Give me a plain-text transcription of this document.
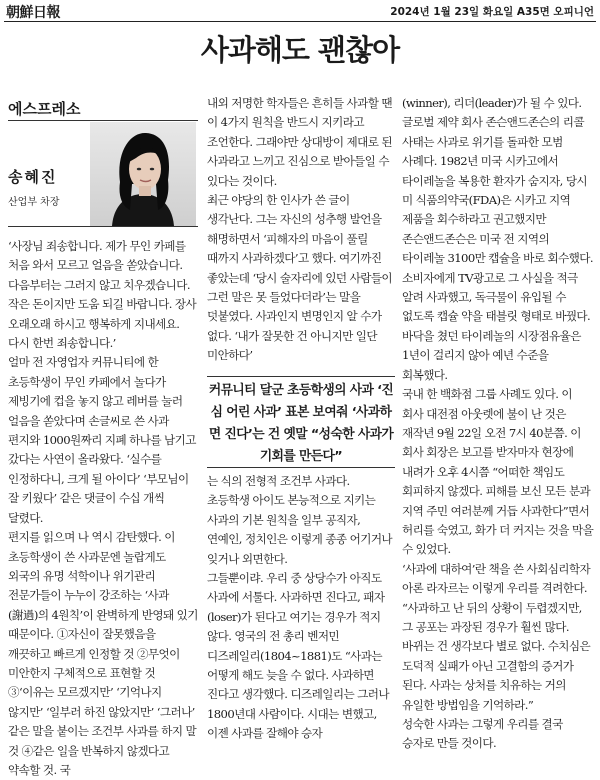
朝鮮日報	2024년 1월 23일 화요일 A35면 오피니언
사과해도 괜찮아
에스프레소
송혜진
산업부 차장

‘사장님 죄송합니다. 제가 무인 카페를 처음 와서 모르고 얼음을 쏟았습니다. 다음부터는 그러지 않고 치우겠습니다. 작은 돈이지만 도움 되길 바랍니다. 장사 오래오래 하시고 행복하게 지내세요. 다시 한번 죄송합니다.’

얼마 전 자영업자 커뮤니티에 한 초등학생이 무인 카페에서 놀다가 제빙기에 컵을 놓지 않고 레버를 눌러 얼음을 쏟았다며 손글씨로 쓴 사과 편지와 1000원짜리 지폐 하나를 남기고 갔다는 사연이 올라왔다. ‘실수를 인정하다니, 크게 될 아이다’ ‘부모님이 잘 키웠다’ 같은 댓글이 수십 개씩 달렸다.

편지를 읽으며 나 역시 감탄했다. 이 초등학생이 쓴 사과문엔 놀랍게도 외국의 유명 석학이나 위기관리 전문가들이 누누이 강조하는 ‘사과(謝過)의 4원칙’이 완벽하게 반영돼 있기 때문이다. ①자신이 잘못했음을 깨끗하고 빠르게 인정할 것 ②무엇이 미안한지 구체적으로 표현할 것 ③‘이유는 모르겠지만’ ‘기억나지 않지만’ ‘일부러 하진 않았지만’ ‘그러나’ 같은 말을 붙이는 조건부 사과를 하지 말 것 ④같은 일을 반복하지 않겠다고 약속할 것. 국

내외 저명한 학자들은 흔히들 사과할 땐 이 4가지 원칙을 반드시 지키라고 조언한다. 그래야만 상대방이 제대로 된 사과라고 느끼고 진심으로 받아들일 수 있다는 것이다.

최근 야당의 한 인사가 쓴 글이 생각난다. 그는 자신의 성추행 발언을 해명하면서 ‘피해자의 마음이 풀릴 때까지 사과하겠다’고 했다. 여기까진 좋았는데 ‘당시 술자리에 있던 사람들이 그런 말은 못 들었다더라’는 말을 덧붙였다. 사과인지 변명인지 알 수가 없다. ‘내가 잘못한 건 아니지만 일단 미안하다’

커뮤니티 달군 초등학생의 사과 ‘진심 어린 사과’ 표본 보여줘 ‘사과하면 진다’는 건 옛말 “성숙한 사과가 기회를 만든다”

는 식의 전형적 조건부 사과다. 초등학생 아이도 본능적으로 지키는 사과의 기본 원칙을 일부 공직자, 연예인, 정치인은 이렇게 종종 어기거나 잊거나 외면한다.

그들뿐이랴. 우리 중 상당수가 아직도 사과에 서툴다. 사과하면 진다고, 패자(loser)가 된다고 여기는 경우가 적지 않다. 영국의 전 총리 벤저민 디즈레일리(1804~1881)도 “사과는 어떻게 해도 늦을 수 없다. 사과하면 진다고 생각했다. 디즈레일리는 그러나 1800년대 사람이다. 시대는 변했고, 이젠 사과를 잘해야 승자

(winner), 리더(leader)가 될 수 있다.

글로벌 제약 회사 존슨앤드존슨의 리콜 사태는 사과로 위기를 돌파한 모범 사례다. 1982년 미국 시카고에서 타이레놀을 복용한 환자가 숨지자, 당시 미 식품의약국(FDA)은 시카고 지역 제품을 회수하라고 권고했지만 존슨앤드존슨은 미국 전 지역의 타이레놀 3100만 캡슐을 바로 회수했다. 소비자에게 TV광고로 그 사실을 적극 알려 사과했고, 독극물이 유입될 수 없도록 캡슐 약을 태블릿 형태로 바꿨다. 바닥을 쳤던 타이레놀의 시장점유율은 1년이 걸리지 않아 예년 수준을 회복했다.

국내 한 백화점 그룹 사례도 있다. 이 회사 대전점 아웃렛에 불이 난 것은 재작년 9월 22일 오전 7시 40분쯤. 이 회사 회장은 보고를 받자마자 현장에 내려가 오후 4시쯤 “어떠한 책임도 회피하지 않겠다. 피해를 보신 모든 분과 지역 주민 여러분께 거듭 사과한다”면서 허리를 숙였고, 화가 더 커지는 것을 막을 수 있었다.

‘사과에 대하여’란 책을 쓴 사회심리학자 아론 라자르는 이렇게 우리를 격려한다. “사과하고 난 뒤의 상황이 두렵겠지만, 그 공포는 과장된 경우가 훨씬 많다. 바뀌는 건 생각보다 별로 없다. 수치심은 도덕적 실패가 아닌 고결함의 증거가 된다. 사과는 상처를 치유하는 거의 유일한 방법임을 기억하라.”

성숙한 사과는 그렇게 우리를 결국 승자로 만들 것이다.
